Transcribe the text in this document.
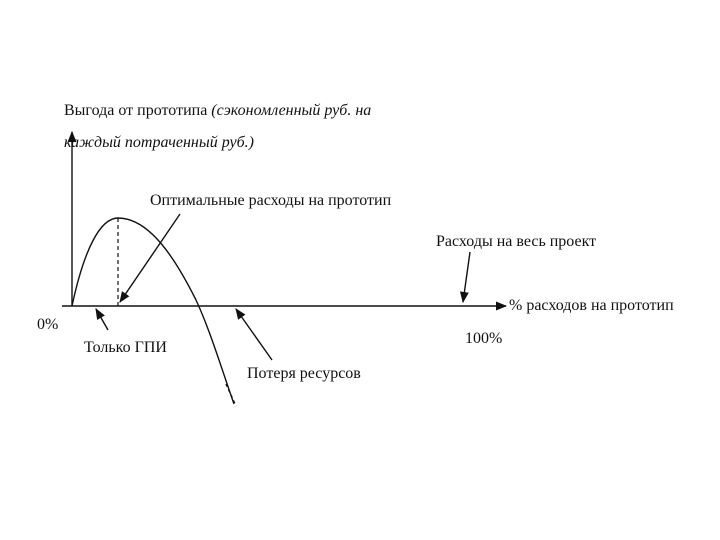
Выгода от прототипа (сэкономленный руб. на
каждый потраченный руб.)
Оптимальные расходы на прототип
Расходы на весь проект
% расходов на прототип
0%
100%
Только ГПИ
Потеря ресурсов
